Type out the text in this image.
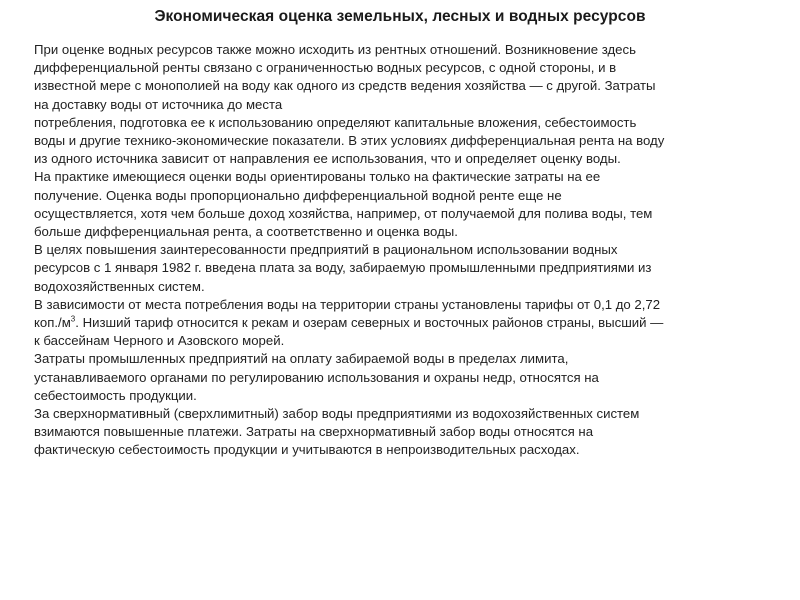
Экономическая оценка земельных, лесных и водных ресурсов
При оценке водных ресурсов также можно исходить из рентных отношений. Возникновение здесь
дифференциальной ренты связано с ограниченностью водных ресурсов, с одной стороны, и в
известной мере с монополией на воду как одного из средств ведения хозяйства — с другой. Затраты
на доставку воды от источника до места
потребления, подготовка ее к использованию определяют капитальные вложения, себестоимость
воды и другие технико-экономические показатели. В этих условиях дифференциальная рента на воду
из одного источника зависит от направления ее использования, что и определяет оценку воды.
На практике имеющиеся оценки воды ориентированы только на фактические затраты на ее
получение. Оценка воды пропорционально дифференциальной водной ренте еще не
осуществляется, хотя чем больше доход хозяйства, например, от получаемой для полива воды, тем
больше дифференциальная рента, а соответственно и оценка воды.
В целях повышения заинтересованности предприятий в рациональном использовании водных
ресурсов с 1 января 1982 г. введена плата за воду, забираемую промышленными предприятиями из
водохозяйственных систем.
В зависимости от места потребления воды на территории страны установлены тарифы от 0,1 до 2,72
$коп./м^3$. Низший тариф относится к рекам и озерам северных и восточных районов страны, высший —
к бассейнам Черного и Азовского морей.
Затраты промышленных предприятий на оплату забираемой воды в пределах лимита,
устанавливаемого органами по регулированию использования и охраны недр, относятся на
себестоимость продукции.
За сверхнормативный (сверхлимитный) забор воды предприятиями из водохозяйственных систем
взимаются повышенные платежи. Затраты на сверхнормативный забор воды относятся на
фактическую себестоимость продукции и учитываются в непроизводительных расходах.
